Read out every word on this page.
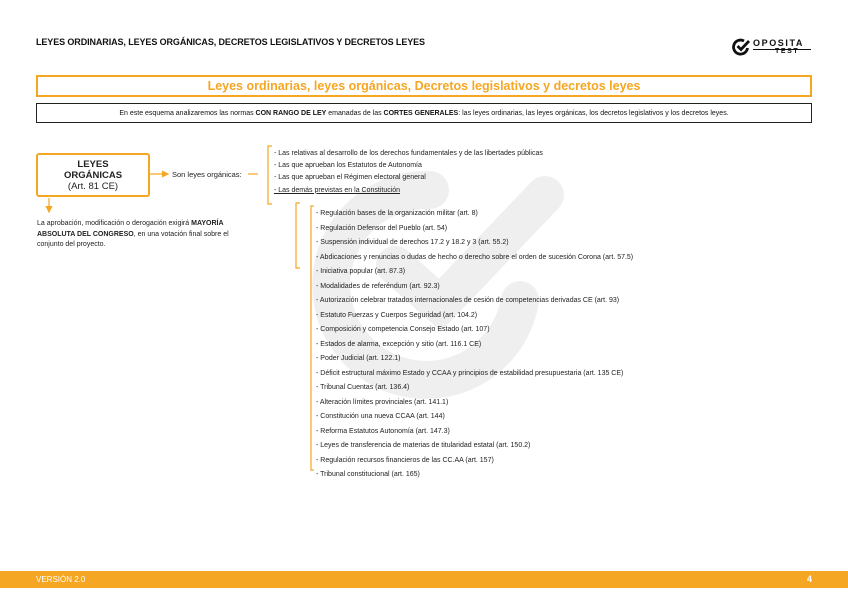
LEYES ORDINARIAS, LEYES ORGÁNICAS, DECRETOS LEGISLATIVOS Y DECRETOS LEYES	OPOSITA
TEST
Leyes ordinarias, leyes orgánicas, Decretos legislativos y decretos leyes
En este esquema analizaremos las normas CON RANGO DE LEY emanadas de las CORTES GENERALES: las leyes ordinarias, las leyes orgánicas, los decretos legislativos y los decretos leyes.
LEYES
ORGÁNICAS
(Art. 81 CE)
Son leyes orgánicas:
La aprobación, modificación o derogación exigirá MAYORÍA ABSOLUTA DEL CONGRESO, en una votación final sobre el conjunto del proyecto.
- Las relativas al desarrollo de los derechos fundamentales y de las libertades públicas
- Las que aprueban los Estatutos de Autonomía
- Las que aprueban el Régimen electoral general
- Las demás previstas en la Constitución
- Regulación bases de la organización militar (art. 8)
- Regulación Defensor del Pueblo (art. 54)
- Suspensión individual de derechos 17.2 y 18.2 y 3 (art. 55.2)
- Abdicaciones y renuncias o dudas de hecho o derecho sobre el orden de sucesión Corona (art. 57.5)
- Iniciativa popular (art. 87.3)
- Modalidades de referéndum (art. 92.3)
- Autorización celebrar tratados internacionales de cesión de competencias derivadas CE (art. 93)
- Estatuto Fuerzas y Cuerpos Seguridad (art. 104.2)
- Composición y competencia Consejo Estado (art. 107)
- Estados de alarma, excepción y sitio (art. 116.1 CE)
- Poder Judicial (art. 122.1)
- Déficit estructural máximo Estado y CCAA y principios de estabilidad presupuestaria (art. 135 CE)
- Tribunal Cuentas (art. 136.4)
- Alteración límites provinciales (art. 141.1)
- Constitución una nueva CCAA (art. 144)
- Reforma Estatutos Autonomía (art. 147.3)
- Leyes de transferencia de materias de titularidad estatal (art. 150.2)
- Regulación recursos financieros de las CC.AA (art. 157)
- Tribunal constitucional (art. 165)
VERSIÓN 2.0	4
